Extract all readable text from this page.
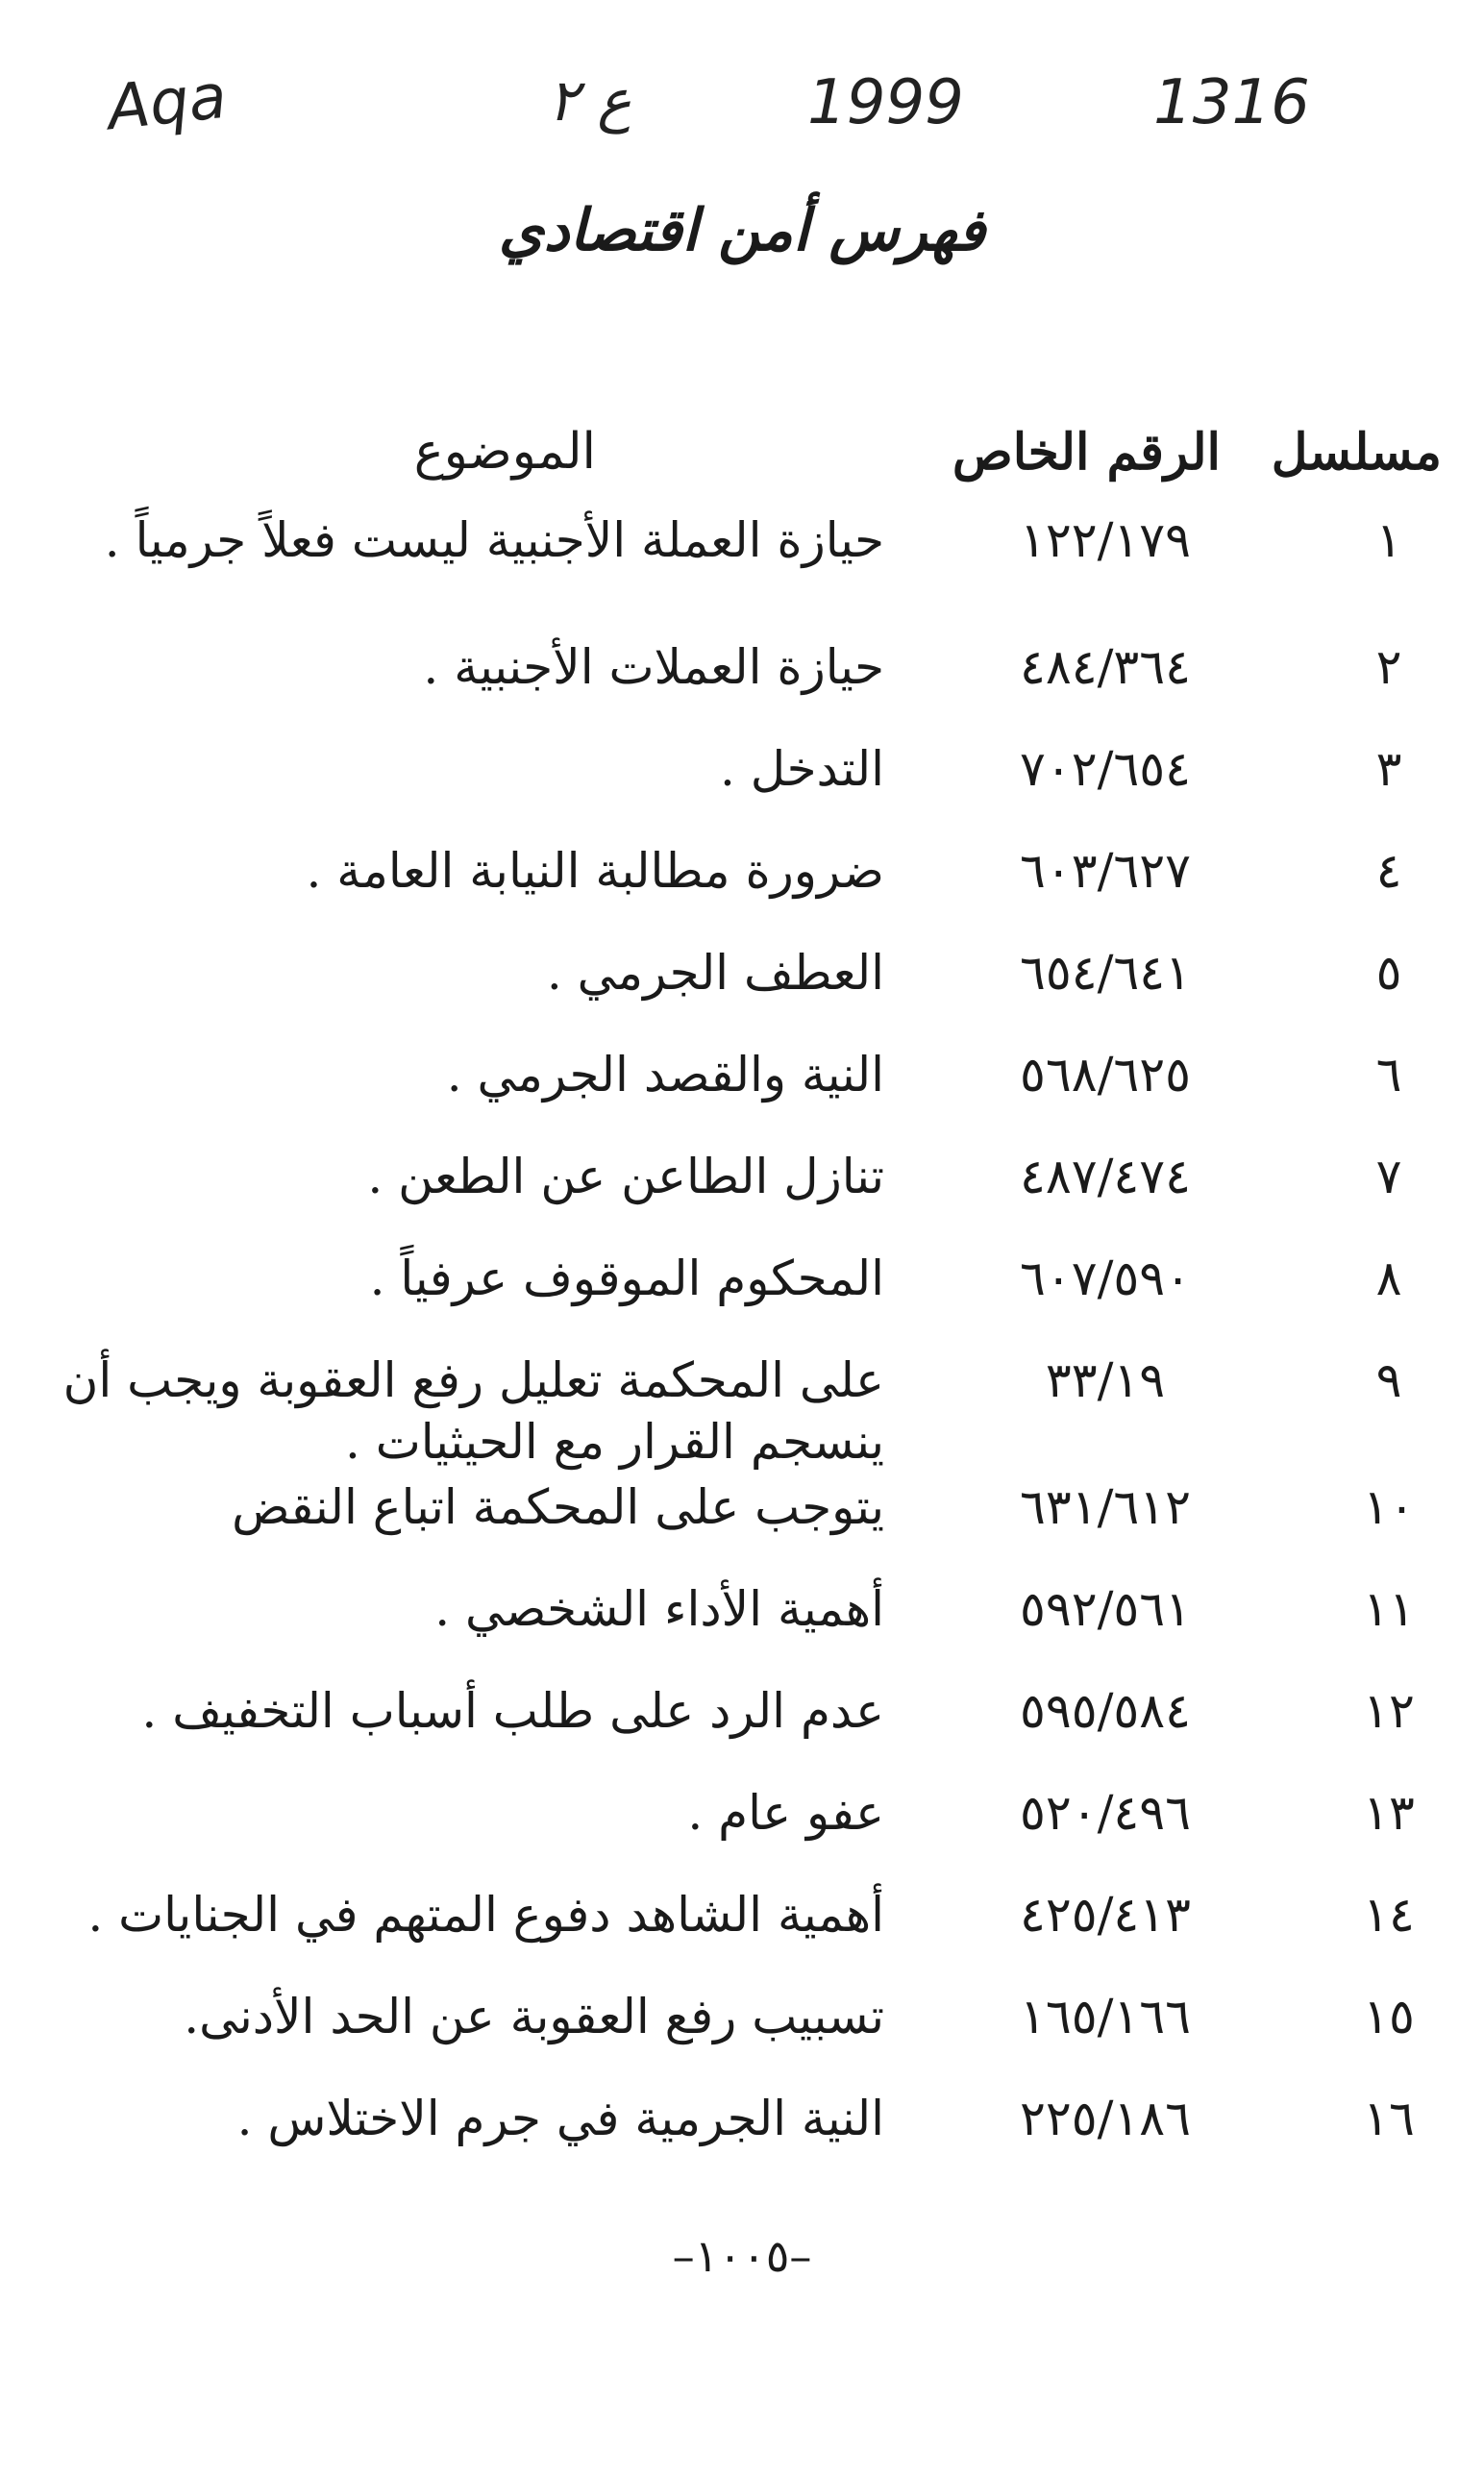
Aqa	ع ٢	1999	1316
فهرس أمن اقتصادي
مسلسل
الرقم الخاص
الموضوع
١
١٢٢/١٧٩
حيازة العملة الأجنبية ليست فعلاً جرمياً .
٢
٤٨٤/٣٦٤
حيازة العملات الأجنبية .
٣
٧٠٢/٦٥٤
التدخل .
٤
٦٠٣/٦٢٧
ضرورة مطالبة النيابة العامة .
٥
٦٥٤/٦٤١
العطف الجرمي .
٦
٥٦٨/٦٢٥
النية والقصد الجرمي .
٧
٤٨٧/٤٧٤
تنازل الطاعن عن الطعن .
٨
٦٠٧/٥٩٠
المحكوم الموقوف عرفياً .
٩
٣٣/١٩
على المحكمة تعليل رفع العقوبة ويجب أن ينسجم القرار مع الحيثيات .
١٠
٦٣١/٦١٢
يتوجب على المحكمة اتباع النقض
١١
٥٩٢/٥٦١
أهمية الأداء الشخصي .
١٢
٥٩٥/٥٨٤
عدم الرد على طلب أسباب التخفيف .
١٣
٥٢٠/٤٩٦
عفو عام .
١٤
٤٢٥/٤١٣
أهمية الشاهد دفوع المتهم في الجنايات .
١٥
١٦٥/١٦٦
تسبيب رفع العقوبة عن الحد الأدنى.
١٦
٢٢٥/١٨٦
النية الجرمية في جرم الاختلاس .
–١٠٠٥–
